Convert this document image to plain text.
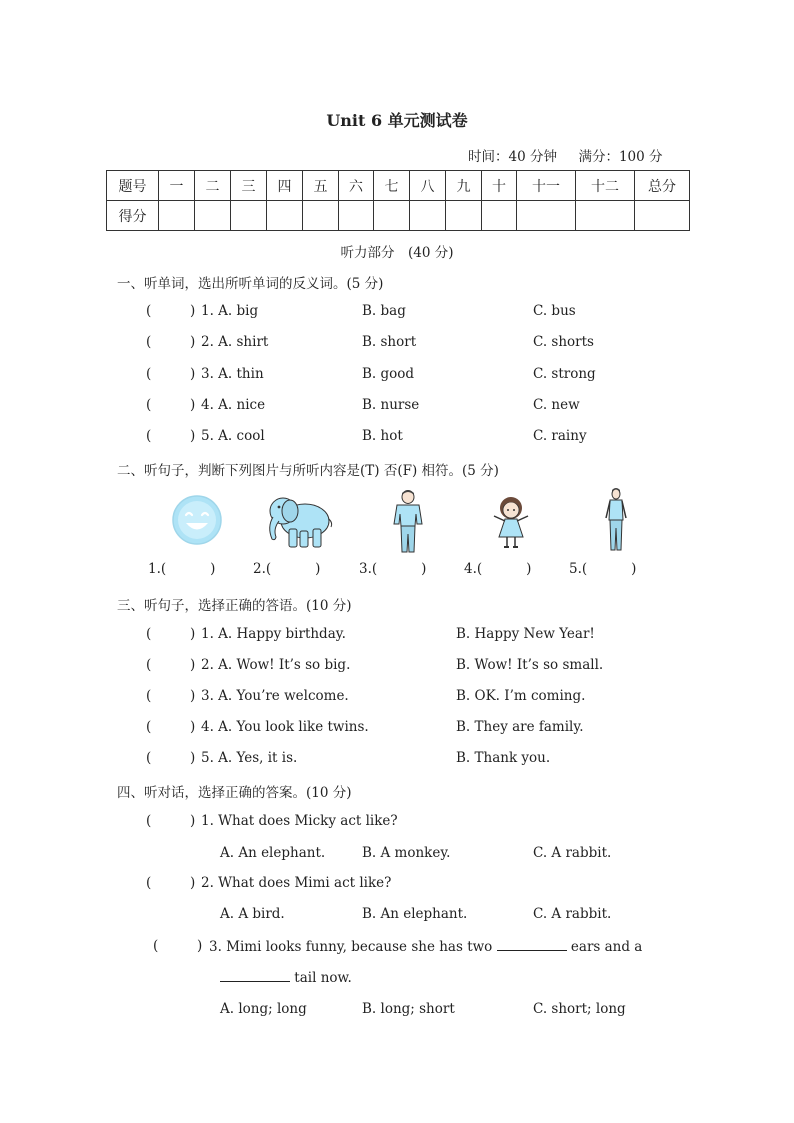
Unit 6 单元测试卷
时间：40 分钟 满分：100 分
题号	一	二	三	四	五	六	七	八	九	十	十一	十二	总分
得分													
听力部分　(40 分)
一、听单词，选出所听单词的反义词。(5 分)
(	) 1. A. big	B. bag	C. bus
(	) 2. A. shirt	B. short	C. shorts
(	) 3. A. thin	B. good	C. strong
(	) 4. A. nice	B. nurse	C. new
(	) 5. A. cool	B. hot	C. rainy
二、听句子，判断下列图片与所听内容是(T) 否(F) 相符。(5 分)
1.(	)	2.(	)	3.(	)	4.(	)	5.(	)
三、听句子，选择正确的答语。(10 分)
(	) 1. A. Happy birthday.	B. Happy New Year!
(	) 2. A. Wow! It’s so big.	B. Wow! It’s so small.
(	) 3. A. You’re welcome.	B. OK. I’m coming.
(	) 4. A. You look like twins.	B. They are family.
(	) 5. A. Yes, it is.	B. Thank you.
四、听对话，选择正确的答案。(10 分)
(	) 1. What does Micky act like?
A. An elephant.	B. A monkey.	C. A rabbit.
(	) 2. What does Mimi act like?
A. A bird.	B. An elephant.	C. A rabbit.
(	) 3. Mimi looks funny, because she has two	ears and a
tail now.
A. long; long	B. long; short	C. short; long
